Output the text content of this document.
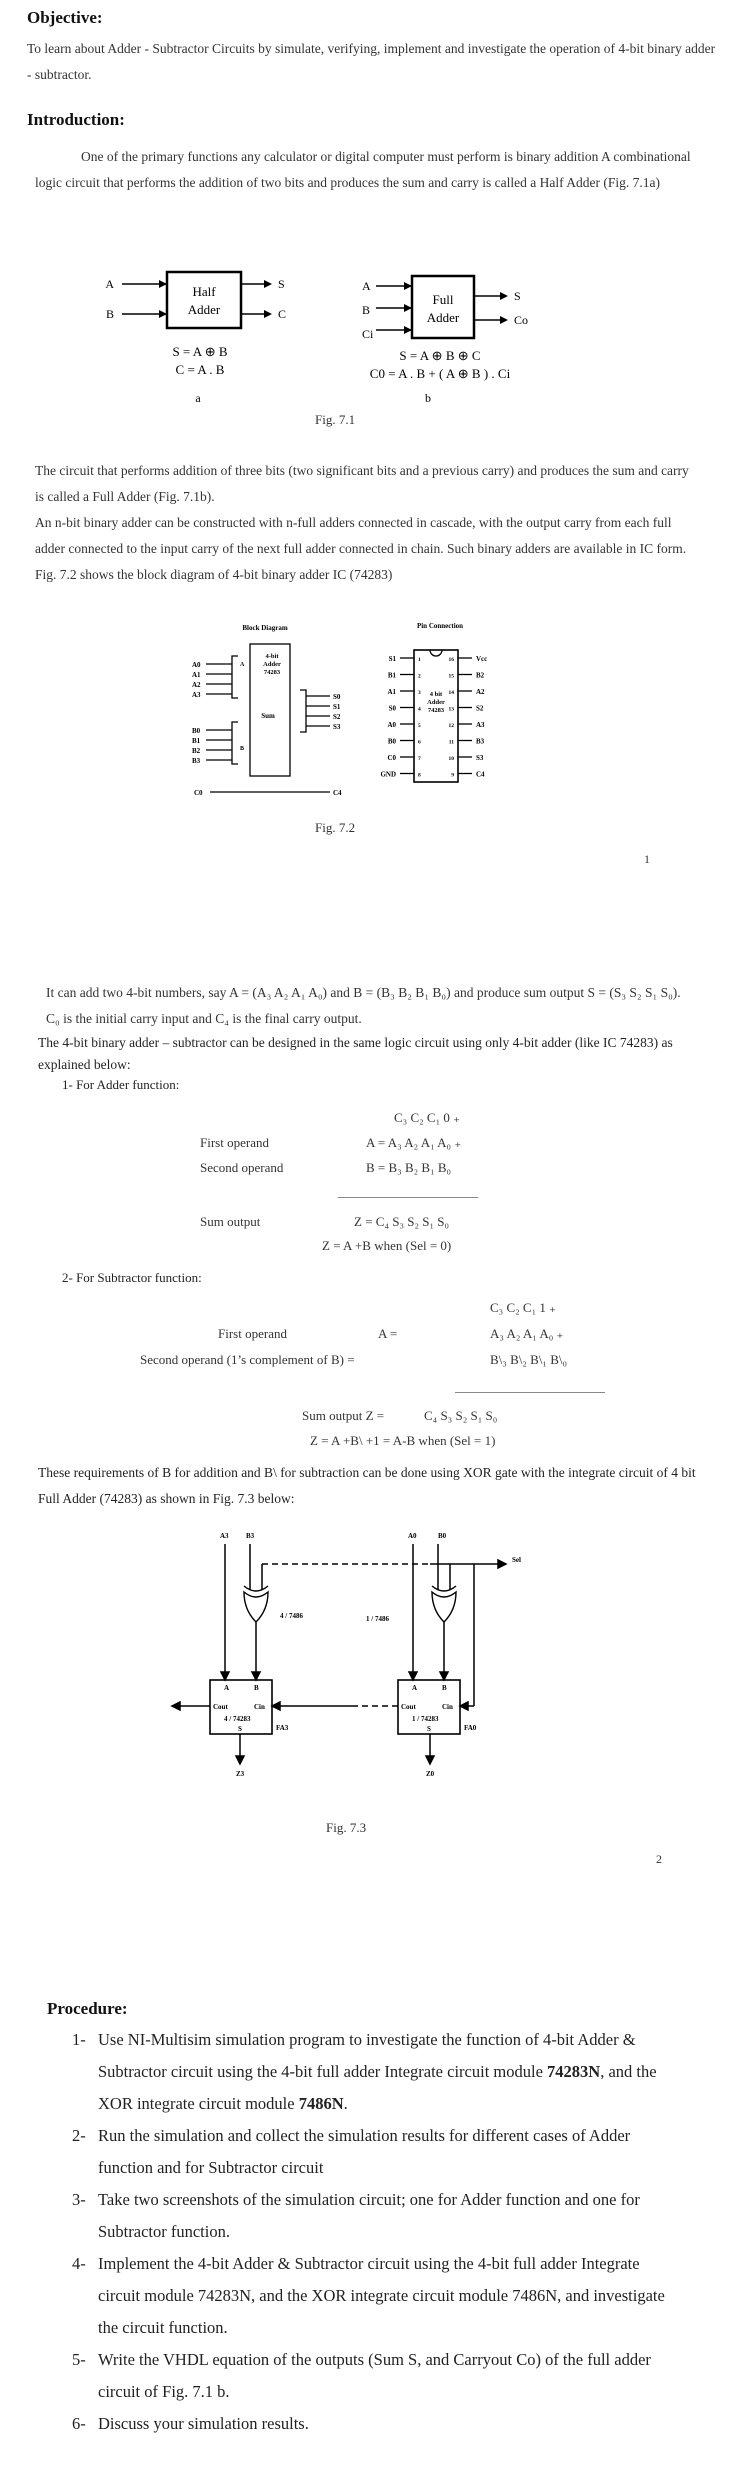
Objective:
To learn about Adder - Subtractor Circuits by simulate, verifying, implement and investigate the operation of 4-bit binary adder - subtractor.
Introduction:
One of the primary functions any calculator or digital computer must perform is binary addition A combinational logic circuit that performs the addition of two bits and produces the sum and carry is called a Half Adder (Fig. 7.1a)
Half
Adder
A
B
S
C
S = A ⊕ B
C = A . B
a
Full
Adder
A
B
Ci
S
Co
S = A ⊕ B ⊕ C
C0 = A . B + ( A ⊕ B ) . Ci
b
Fig. 7.1
The circuit that performs addition of three bits (two significant bits and a previous carry) and produces the sum and carry is called a Full Adder (Fig. 7.1b).
An n-bit binary adder can be constructed with n-full adders connected in cascade, with the output carry from each full adder connected to the input carry of the next full adder connected in chain. Such binary adders are available in IC form. Fig. 7.2 shows the block diagram of 4-bit binary adder IC (74283)
Block Diagram
A0
A1
A2
A3
B0
B1
B2
B3
S0
S1
S2
S3
C0	C4
Sum
A
B
4-bit
Adder
74283
Pin Connection
S1	1
B1	2
A1	3
S0	4
A0	5
B0	6
C0	7
GND	8
Vcc
16
B2
15
A2
14
S2
13
A3
12
B3
11
S3
10
C4
9
4 bit
Adder
74283
Fig. 7.2
1
It can add two 4-bit numbers, say A = (A₃ A₂ A₁ A₀) and B = (B₃ B₂ B₁ B₀) and produce sum output S = (S₃ S₂ S₁ S₀). C₀ is the initial carry input and C₄ is the final carry output.
The 4-bit binary adder – subtractor can be designed in the same logic circuit using only 4-bit adder (like IC 74283) as explained below:
1- For Adder function:
C₃ C₂ C₁ 0 ₊
First operand	A = A₃ A₂ A₁ A₀ ₊
Second operand	B = B₃ B₂ B₁ B₀
Sum output	Z = C₄ S₃ S₂ S₁ S₀
Z = A +B when (Sel = 0)
2- For Subtractor function:
C₃ C₂ C₁ 1 ₊
First operand	A =	A₃ A₂ A₁ A₀ ₊
Second operand (1’s complement of B) =	B\₃ B\₂ B\₁ B\₀
Sum output Z =	C₄ S₃ S₂ S₁ S₀
Z = A +B\ +1 = A-B when (Sel = 1)
These requirements of B for addition and B\ for subtraction can be done using XOR gate with the integrate circuit of 4 bit Full Adder (74283) as shown in Fig. 7.3 below:
A3 B3	A0	B0
Sel
4 / 7486	1 / 7486
A	B
Cout	Cin
4 / 74283
S	FA3
Z3
A	B
Cout	Cin
1 / 74283
S	FA0
Z0
Fig. 7.3
2
Procedure:
1- Use NI-Multisim simulation program to investigate the function of 4-bit Adder & Subtractor circuit using the 4-bit full adder Integrate circuit module 74283N, and the XOR integrate circuit module 7486N.
2- Run the simulation and collect the simulation results for different cases of Adder function and for Subtractor circuit
3- Take two screenshots of the simulation circuit; one for Adder function and one for Subtractor function.
4- Implement the 4-bit Adder & Subtractor circuit using the 4-bit full adder Integrate circuit module 74283N, and the XOR integrate circuit module 7486N, and investigate the circuit function.
5- Write the VHDL equation of the outputs (Sum S, and Carryout Co) of the full adder circuit of Fig. 7.1 b.
6- Discuss your simulation results.
